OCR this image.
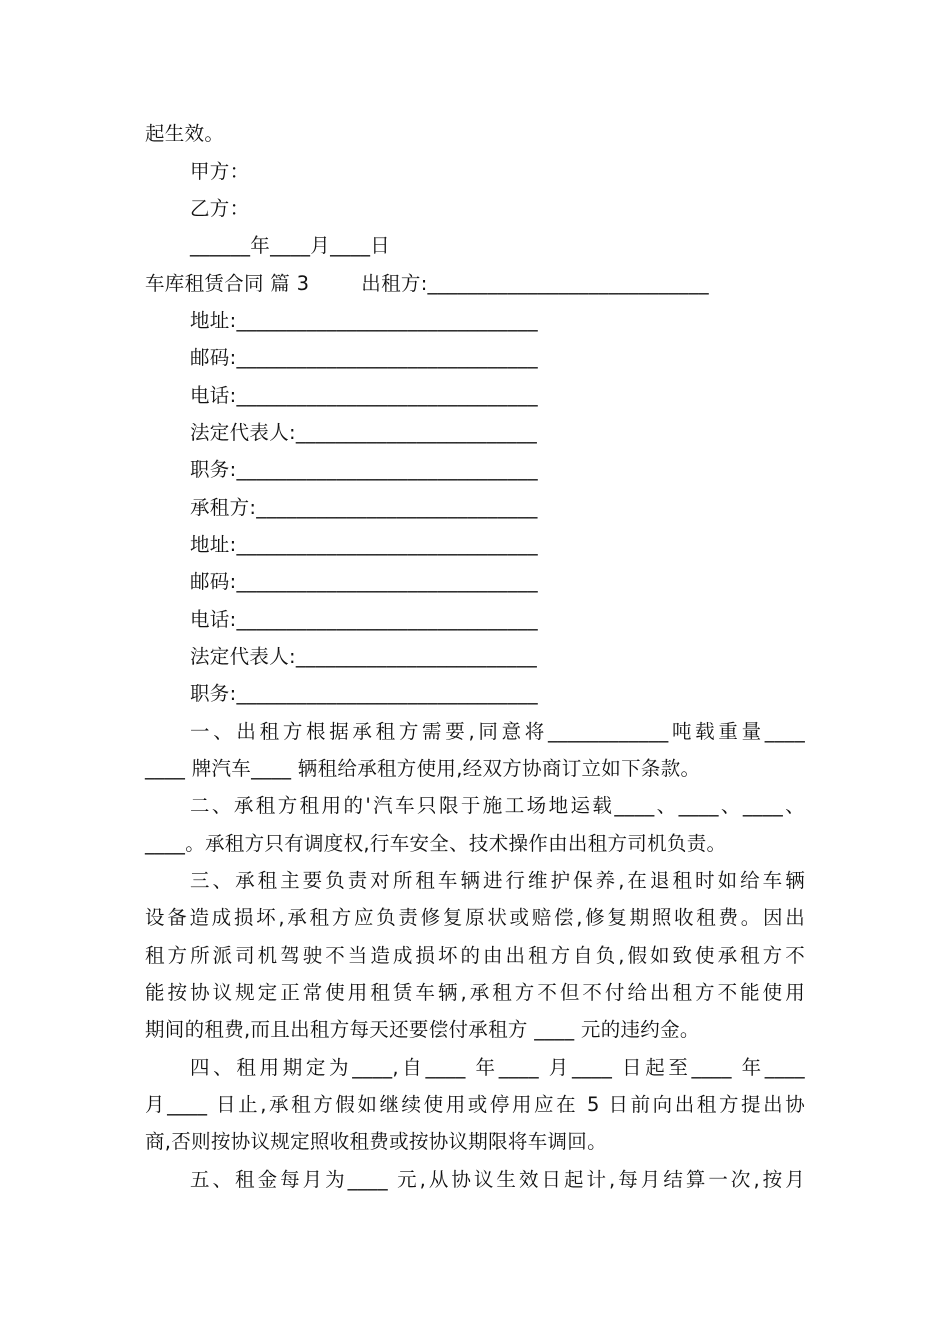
起生效。
甲方：
乙方：
______年____月____日
车库租赁合同 篇 3        出租方:____________________________
地址:______________________________
邮码:______________________________
电话:______________________________
法定代表人:________________________
职务:______________________________
承租方:____________________________
地址:______________________________
邮码:______________________________
电话:______________________________
法定代表人:________________________
职务:______________________________
一、出租方根据承租方需要,同意将____________吨载重量____
____ 牌汽车____ 辆租给承租方使用,经双方协商订立如下条款。
二、承租方租用的'汽车只限于施工场地运载____、____、____、
____。承租方只有调度权,行车安全、技术操作由出租方司机负责。
三、承租主要负责对所租车辆进行维护保养,在退租时如给车辆
设备造成损坏,承租方应负责修复原状或赔偿,修复期照收租费。因出
租方所派司机驾驶不当造成损坏的由出租方自负,假如致使承租方不
能按协议规定正常使用租赁车辆,承租方不但不付给出租方不能使用
期间的租费,而且出租方每天还要偿付承租方 ____ 元的违约金。
四、租用期定为____,自____ 年____ 月____ 日起至____ 年____
月____ 日止,承租方假如继续使用或停用应在 5 日前向出租方提出协
商,否则按协议规定照收租费或按协议期限将车调回。
五、租金每月为____ 元,从协议生效日起计,每月结算一次,按月
